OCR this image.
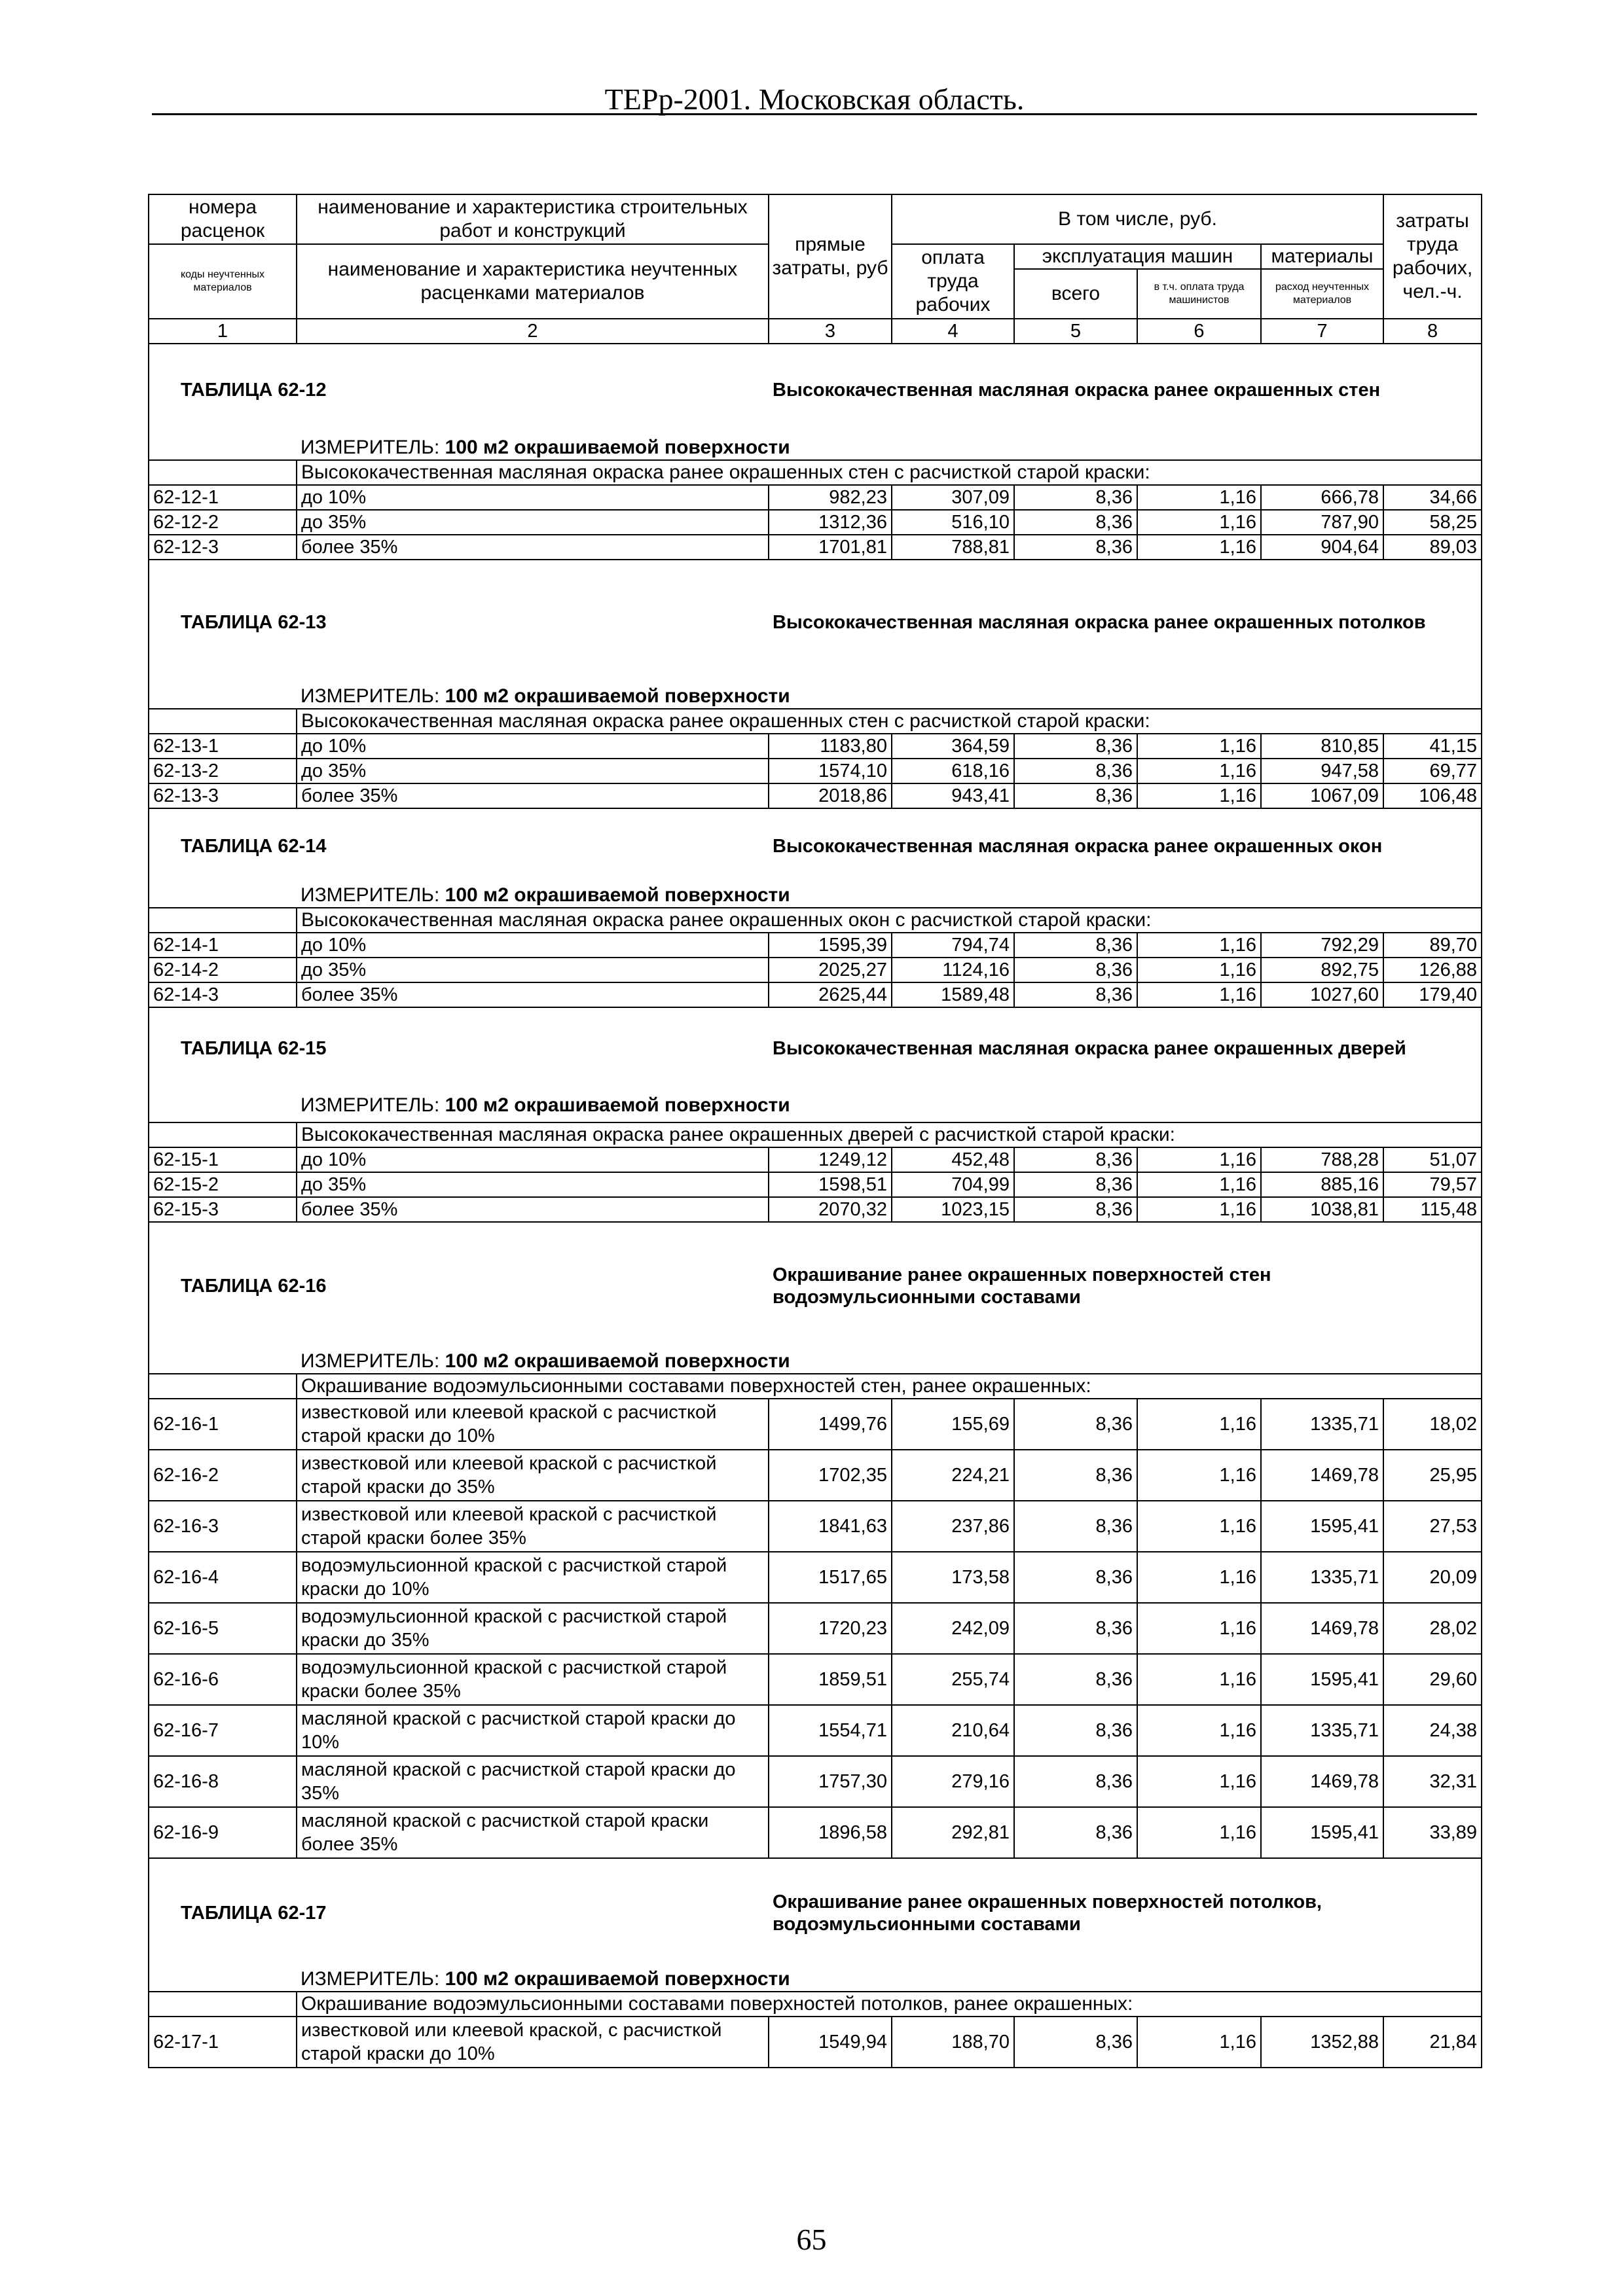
ТЕРр-2001. Московская область.
номера расценок	наименование и характеристика строительных работ и конструкций	прямые затраты, руб	В том числе, руб.				затраты труда рабочих, чел.-ч.
коды неучтенных материалов	наименование и характеристика неучтенных расценками материалов		оплата труда рабочих	эксплуатация машин		материалы	
				всего	в т.ч. оплата труда машинистов	расход неучтенных материалов	
1	2	3	4	5	6	7	8
ТАБЛИЦА 62-12		Высококачественная масляная окраска ранее окрашенных стен					
	ИЗМЕРИТЕЛЬ: 100 м2 окрашиваемой поверхности						
	Высококачественная масляная окраска ранее окрашенных стен с расчисткой старой краски:						
62-12-1	до 10%	982,23	307,09	8,36	1,16	666,78	34,66
62-12-2	до 35%	1312,36	516,10	8,36	1,16	787,90	58,25
62-12-3	более 35%	1701,81	788,81	8,36	1,16	904,64	89,03
ТАБЛИЦА 62-13		Высококачественная масляная окраска ранее окрашенных потолков					
	ИЗМЕРИТЕЛЬ: 100 м2 окрашиваемой поверхности						
	Высококачественная масляная окраска ранее окрашенных стен с расчисткой старой краски:						
62-13-1	до 10%	1183,80	364,59	8,36	1,16	810,85	41,15
62-13-2	до 35%	1574,10	618,16	8,36	1,16	947,58	69,77
62-13-3	более 35%	2018,86	943,41	8,36	1,16	1067,09	106,48
ТАБЛИЦА 62-14		Высококачественная масляная окраска ранее окрашенных окон					
	ИЗМЕРИТЕЛЬ: 100 м2 окрашиваемой поверхности						
	Высококачественная масляная окраска ранее окрашенных окон с расчисткой старой краски:						
62-14-1	до 10%	1595,39	794,74	8,36	1,16	792,29	89,70
62-14-2	до 35%	2025,27	1124,16	8,36	1,16	892,75	126,88
62-14-3	более 35%	2625,44	1589,48	8,36	1,16	1027,60	179,40
ТАБЛИЦА 62-15		Высококачественная масляная окраска ранее окрашенных дверей					
	ИЗМЕРИТЕЛЬ: 100 м2 окрашиваемой поверхности						
	Высококачественная масляная окраска ранее окрашенных дверей с расчисткой старой краски:						
62-15-1	до 10%	1249,12	452,48	8,36	1,16	788,28	51,07
62-15-2	до 35%	1598,51	704,99	8,36	1,16	885,16	79,57
62-15-3	более 35%	2070,32	1023,15	8,36	1,16	1038,81	115,48
ТАБЛИЦА 62-16		Окрашивание ранее окрашенных поверхностей стен водоэмульсионными составами					
	ИЗМЕРИТЕЛЬ: 100 м2 окрашиваемой поверхности						
	Окрашивание водоэмульсионными составами поверхностей стен, ранее окрашенных:						
62-16-1	известковой или клеевой краской с расчисткой старой краски до 10%	1499,76	155,69	8,36	1,16	1335,71	18,02
62-16-2	известковой или клеевой краской с расчисткой старой краски до 35%	1702,35	224,21	8,36	1,16	1469,78	25,95
62-16-3	известковой или клеевой краской с расчисткой старой краски более 35%	1841,63	237,86	8,36	1,16	1595,41	27,53
62-16-4	водоэмульсионной краской с расчисткой старой краски до 10%	1517,65	173,58	8,36	1,16	1335,71	20,09
62-16-5	водоэмульсионной краской с расчисткой старой краски до 35%	1720,23	242,09	8,36	1,16	1469,78	28,02
62-16-6	водоэмульсионной краской с расчисткой старой краски более 35%	1859,51	255,74	8,36	1,16	1595,41	29,60
62-16-7	масляной краской с расчисткой старой краски до 10%	1554,71	210,64	8,36	1,16	1335,71	24,38
62-16-8	масляной краской с расчисткой старой краски до 35%	1757,30	279,16	8,36	1,16	1469,78	32,31
62-16-9	масляной краской с расчисткой старой краски более 35%	1896,58	292,81	8,36	1,16	1595,41	33,89
ТАБЛИЦА 62-17		Окрашивание ранее окрашенных поверхностей потолков, водоэмульсионными составами					
	ИЗМЕРИТЕЛЬ: 100 м2 окрашиваемой поверхности						
	Окрашивание водоэмульсионными составами поверхностей потолков, ранее окрашенных:						
62-17-1	известковой или клеевой краской, с расчисткой старой краски до 10%	1549,94	188,70	8,36	1,16	1352,88	21,84
65
